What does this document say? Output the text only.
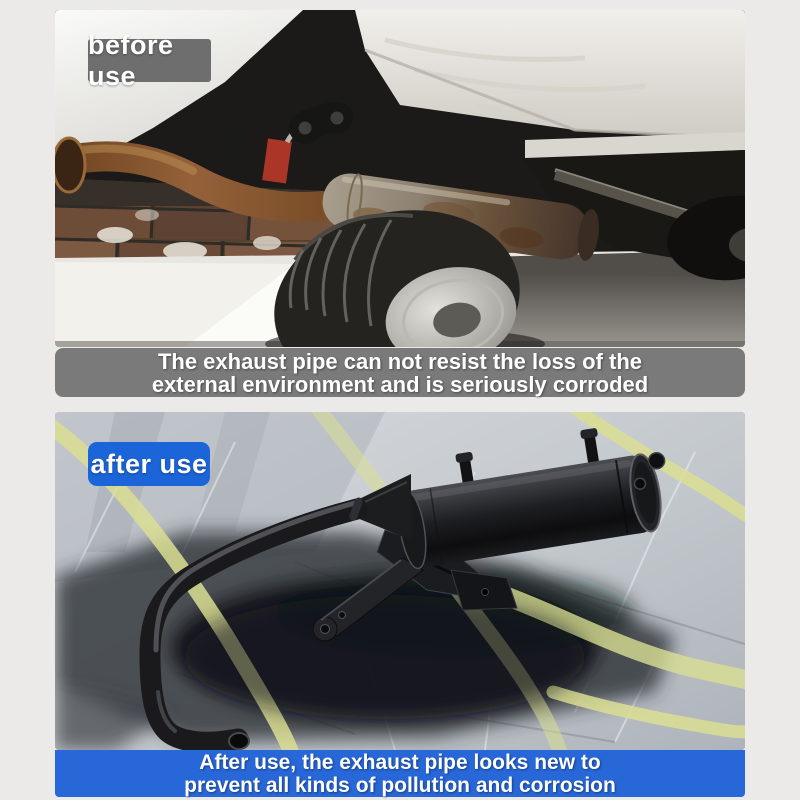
before use
The exhaust pipe can not resist the loss of the
external environment and is seriously corroded
after use
After use, the exhaust pipe looks new to
prevent all kinds of pollution and corrosion
